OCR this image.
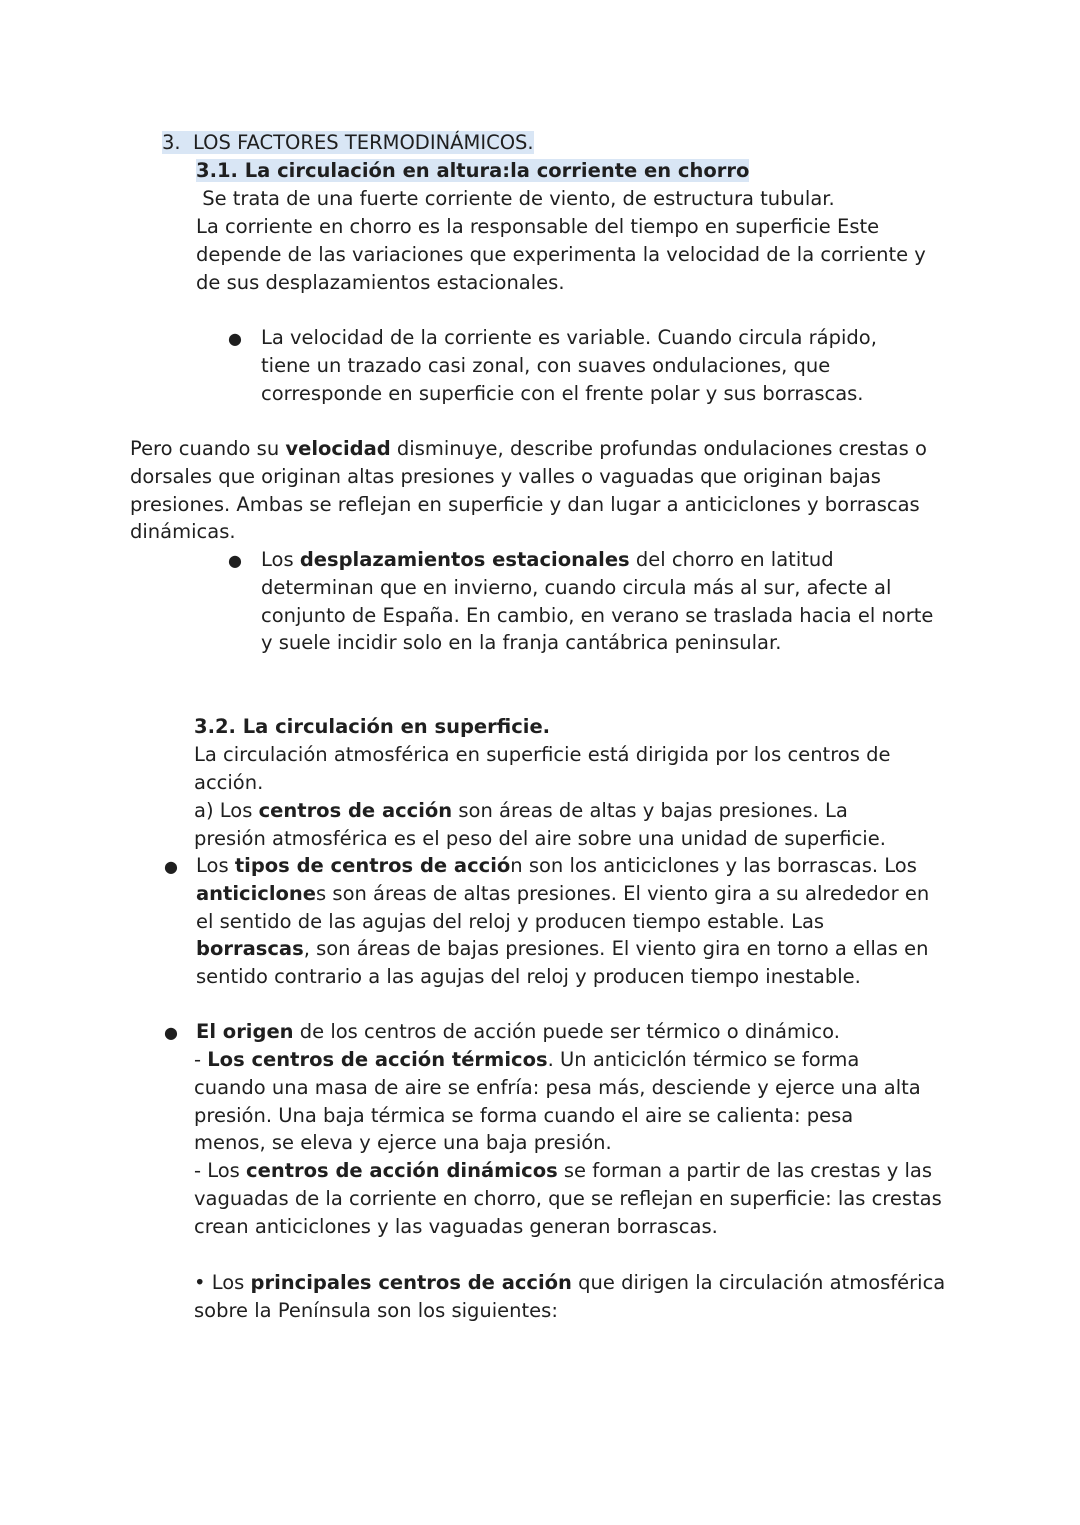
3. LOS FACTORES TERMODINÁMICOS.
3.1. La circulación en altura:la corriente en chorro
Se trata de una fuerte corriente de viento, de estructura tubular.
La corriente en chorro es la responsable del tiempo en superficie Este depende de las variaciones que experimenta la velocidad de la corriente y de sus desplazamientos estacionales.
● La velocidad de la corriente es variable. Cuando circula rápido, tiene un trazado casi zonal, con suaves ondulaciones, que corresponde en superficie con el frente polar y sus borrascas.
Pero cuando su velocidad disminuye, describe profundas ondulaciones crestas o dorsales que originan altas presiones y valles o vaguadas que originan bajas presiones. Ambas se reflejan en superficie y dan lugar a anticiclones y borrascas dinámicas.
● Los desplazamientos estacionales del chorro en latitud determinan que en invierno, cuando circula más al sur, afecte al conjunto de España. En cambio, en verano se traslada hacia el norte y suele incidir solo en la franja cantábrica peninsular.
3.2. La circulación en superficie.
La circulación atmosférica en superficie está dirigida por los centros de acción.
a) Los centros de acción son áreas de altas y bajas presiones. La presión atmosférica es el peso del aire sobre una unidad de superficie.
● Los tipos de centros de acción son los anticiclones y las borrascas. Los anticiclones son áreas de altas presiones. El viento gira a su alrededor en el sentido de las agujas del reloj y producen tiempo estable. Las borrascas, son áreas de bajas presiones. El viento gira en torno a ellas en sentido contrario a las agujas del reloj y producen tiempo inestable.
● El origen de los centros de acción puede ser térmico o dinámico.
- Los centros de acción térmicos. Un anticiclón térmico se forma cuando una masa de aire se enfría: pesa más, desciende y ejerce una alta presión. Una baja térmica se forma cuando el aire se calienta: pesa menos, se eleva y ejerce una baja presión.
- Los centros de acción dinámicos se forman a partir de las crestas y las vaguadas de la corriente en chorro, que se reflejan en superficie: las crestas crean anticiclones y las vaguadas generan borrascas.
• Los principales centros de acción que dirigen la circulación atmosférica sobre la Península son los siguientes:
